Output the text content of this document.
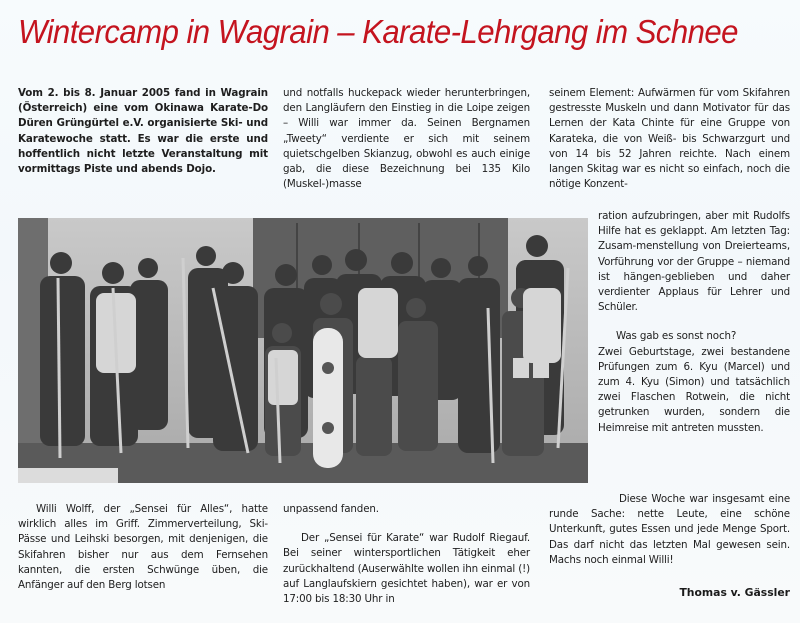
Wintercamp in Wagrain – Karate-Lehrgang im Schnee

Vom 2. bis 8. Januar 2005 fand in Wagrain (Österreich) eine vom Okinawa Karate-Do Düren Grüngürtel e.V. organisierte Ski- und Karatewoche statt. Es war die erste und hoffentlich nicht letzte Veranstaltung mit vormittags Piste und abends Dojo.

und notfalls huckepack wieder herunterbringen, den Langläufern den Einstieg in die Loipe zeigen – Willi war immer da. Seinen Bergnamen „Tweety“ verdiente er sich mit seinem quietschgelben Skianzug, obwohl es auch einige gab, die diese Bezeichnung bei 135 Kilo (Muskel-)masse

seinem Element: Aufwärmen für vom Skifahren gestresste Muskeln und dann Motivator für das Lernen der Kata Chinte für eine Gruppe von Karateka, die von Weiß- bis Schwarzgurt und von 14 bis 52 Jahren reichte. Nach einem langen Skitag war es nicht so einfach, noch die nötige Konzent-

ration aufzubringen, aber mit Rudolfs Hilfe hat es geklappt. Am letzten Tag: Zusam-menstellung von Dreierteams, Vorführung vor der Gruppe – niemand ist hängen-geblieben und daher verdienter Applaus für Lehrer und Schüler.

Was gab es sonst noch?

Zwei Geburtstage, zwei bestandene Prüfungen zum 6. Kyu (Marcel) und zum 4. Kyu (Simon) und tatsächlich zwei Flaschen Rotwein, die nicht getrunken wurden, sondern die Heimreise mit antreten mussten.

Willi Wolff, der „Sensei für Alles“, hatte wirklich alles im Griff. Zimmerverteilung, Ski-Pässe und Leihski besorgen, mit denjenigen, die Skifahren bisher nur aus dem Fernsehen kannten, die ersten Schwünge üben, die Anfänger auf den Berg lotsen

unpassend fanden.

Der „Sensei für Karate“ war Rudolf Riegauf. Bei seiner wintersportlichen Tätigkeit eher zurückhaltend (Auserwählte wollen ihn einmal (!) auf Langlaufskiern gesichtet haben), war er von 17:00 bis 18:30 Uhr in

Diese Woche war insgesamt eine runde Sache: nette Leute, eine schöne Unterkunft, gutes Essen und jede Menge Sport. Das darf nicht das letzten Mal gewesen sein. Machs noch einmal Willi!

Thomas v. Gässler
